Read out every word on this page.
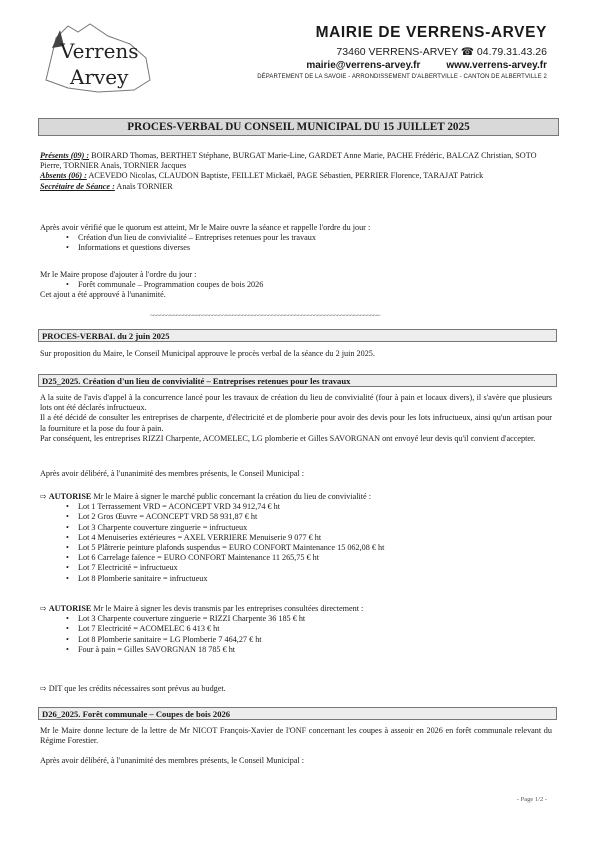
Verrens
Arvey
MAIRIE DE VERRENS-ARVEY
73460 VERRENS-ARVEY ☎ 04.79.31.43.26
mairie@verrens-arvey.fr	www.verrens-arvey.fr
DÉPARTEMENT DE LA SAVOIE - ARRONDISSEMENT D'ALBERTVILLE - CANTON DE ALBERTVILLE 2
PROCES-VERBAL DU CONSEIL MUNICIPAL DU 15 JUILLET 2025
Présents (09) : BOIRARD Thomas, BERTHET Stéphane, BURGAT Marie-Line, GARDET Anne Marie, PACHE Frédéric, BALCAZ Christian, SOTO Pierre, TORNIER Anaïs, TORNIER Jacques
Absents (06) : ACEVEDO Nicolas, CLAUDON Baptiste, FEILLET Mickaël, PAGE Sébastien, PERRIER Florence, TARAJAT Patrick
Secrétaire de Séance : Anaïs TORNIER
Après avoir vérifié que le quorum est atteint, Mr le Maire ouvre la séance et rappelle l'ordre du jour :
• Création d'un lieu de convivialité – Entreprises retenues pour les travaux
• Informations et questions diverses
Mr le Maire propose d'ajouter à l'ordre du jour :
• Forêt communale – Programmation coupes de bois 2026
Cet ajout a été approuvé à l'unanimité.
~~~~~~~~~~~~~~~~~~~~~~~~~~~~~~~~~~~~~~~~~~~~~~~~~~~~~~~~~~~~~~~~~~~~~~
PROCES-VERBAL du 2 juin 2025
Sur proposition du Maire, le Conseil Municipal approuve le procès verbal de la séance du 2 juin 2025.
D25_2025. Création d'un lieu de convivialité – Entreprises retenues pour les travaux
A la suite de l'avis d'appel à la concurrence lancé pour les travaux de création du lieu de convivialité (four à pain et locaux divers), il s'avère que plusieurs lots ont été déclarés infructueux.
Il a été décidé de consulter les entreprises de charpente, d'électricité et de plomberie pour avoir des devis pour les lots infructueux, ainsi qu'un artisan pour la fourniture et la pose du four à pain.
Par conséquent, les entreprises RIZZI Charpente, ACOMELEC, LG plomberie et Gilles SAVORGNAN ont envoyé leur devis qu'il convient d'accepter.
Après avoir délibéré, à l'unanimité des membres présents, le Conseil Municipal :
⇨ AUTORISE Mr le Maire à signer le marché public concernant la création du lieu de convivialité :
• Lot 1 Terrassement VRD = ACONCEPT VRD 34 912,74 € ht
• Lot 2 Gros Œuvre = ACONCEPT VRD 58 931,87 € ht
• Lot 3 Charpente couverture zinguerie = infructueux
• Lot 4 Menuiseries extérieures = AXEL VERRIERE Menuiserie 9 077 € ht
• Lot 5 Plâtrerie peinture plafonds suspendus = EURO CONFORT Maintenance 15 062,08 € ht
• Lot 6 Carrelage faïence = EURO CONFORT Maintenance 11 265,75 € ht
• Lot 7 Electricité = infructueux
• Lot 8 Plomberie sanitaire = infructueux
⇨ AUTORISE Mr le Maire à signer les devis transmis par les entreprises consultées directement :
• Lot 3 Charpente couverture zinguerie = RIZZI Charpente 36 185 € ht
• Lot 7 Electricité = ACOMELEC 6 413 € ht
• Lot 8 Plomberie sanitaire = LG Plomberie 7 464,27 € ht
• Four à pain = Gilles SAVORGNAN 18 785 € ht
⇨ DIT que les crédits nécessaires sont prévus au budget.
D26_2025. Forêt communale – Coupes de bois 2026
Mr le Maire donne lecture de la lettre de Mr NICOT François-Xavier de l'ONF concernant les coupes à asseoir en 2026 en forêt communale relevant du Régime Forestier.
Après avoir délibéré, à l'unanimité des membres présents, le Conseil Municipal :
- Page 1/2 -
